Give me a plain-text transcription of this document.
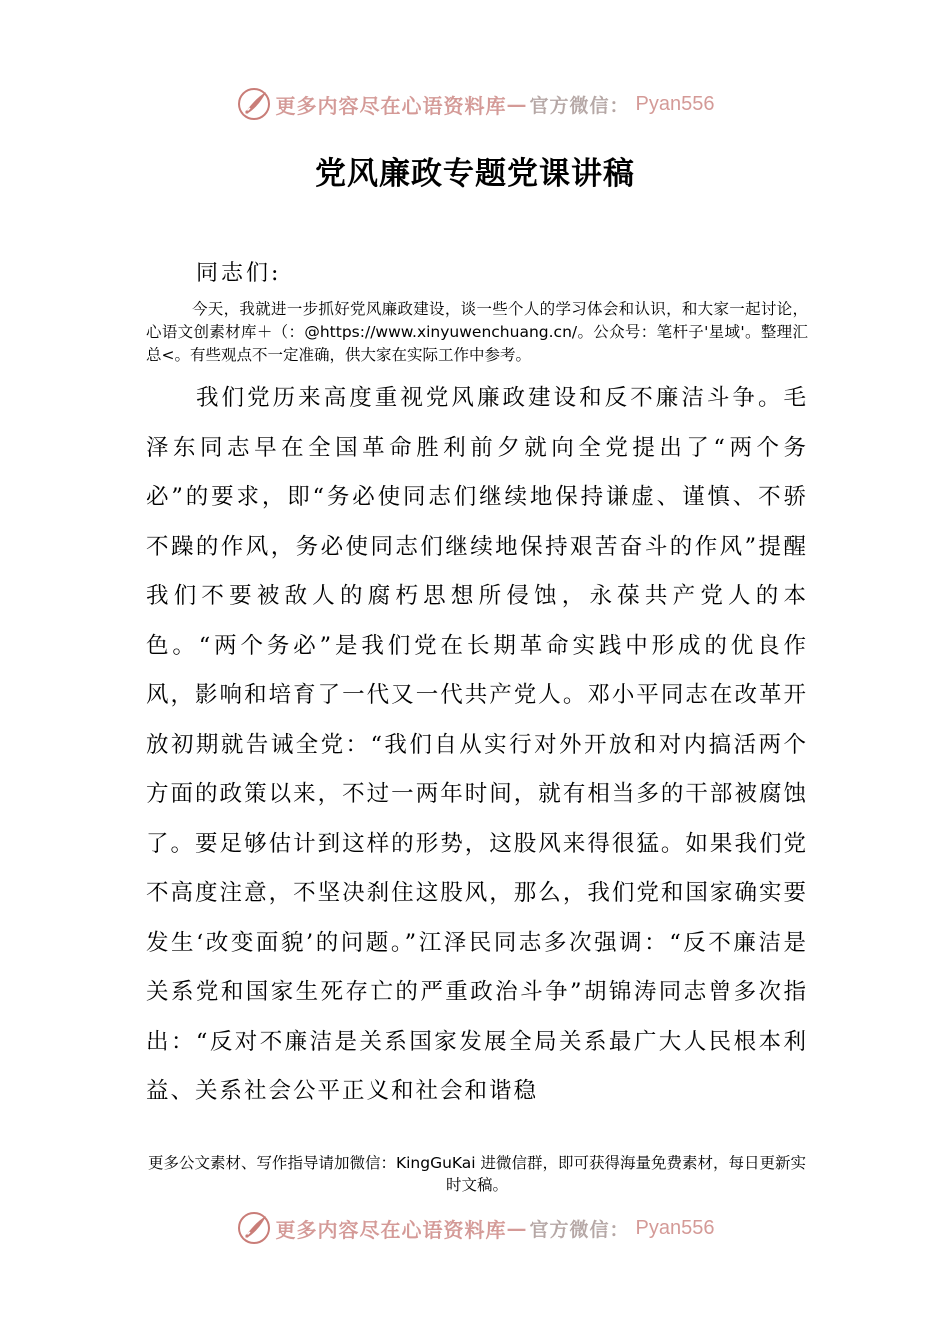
更多内容尽在心语资料库 — 官方微信： Pyan556
党风廉政专题党课讲稿
同志们:
今天，我就进一步抓好党风廉政建设，谈一些个人的学习体会和认识，和大家一起讨论，心语文创素材库＋（：@https://www.xinyuwenchuang.cn/。公众号：笔杆子'星域'。整理汇总<。有些观点不一定准确，供大家在实际工作中参考。
我们党历来高度重视党风廉政建设和反不廉洁斗争。毛泽东同志早在全国革命胜利前夕就向全党提出了“两个务必”的要求，即“务必使同志们继续地保持谦虚、谨慎、不骄不躁的作风，务必使同志们继续地保持艰苦奋斗的作风”提醒我们不要被敌人的腐朽思想所侵蚀，永葆共产党人的本色。“两个务必”是我们党在长期革命实践中形成的优良作风，影响和培育了一代又一代共产党人。邓小平同志在改革开放初期就告诫全党：“我们自从实行对外开放和对内搞活两个方面的政策以来，不过一两年时间，就有相当多的干部被腐蚀了。要足够估计到这样的形势，这股风来得很猛。如果我们党不高度注意，不坚决刹住这股风，那么，我们党和国家确实要发生‘改变面貌’的问题。”江泽民同志多次强调：“反不廉洁是关系党和国家生死存亡的严重政治斗争”胡锦涛同志曾多次指出：“反对不廉洁是关系国家发展全局关系最广大人民根本利益、关系社会公平正义和社会和谐稳
更多公文素材、写作指导请加微信：KingGuKai 进微信群，即可获得海量免费素材，每日更新实时文稿。
更多内容尽在心语资料库 — 官方微信： Pyan556
